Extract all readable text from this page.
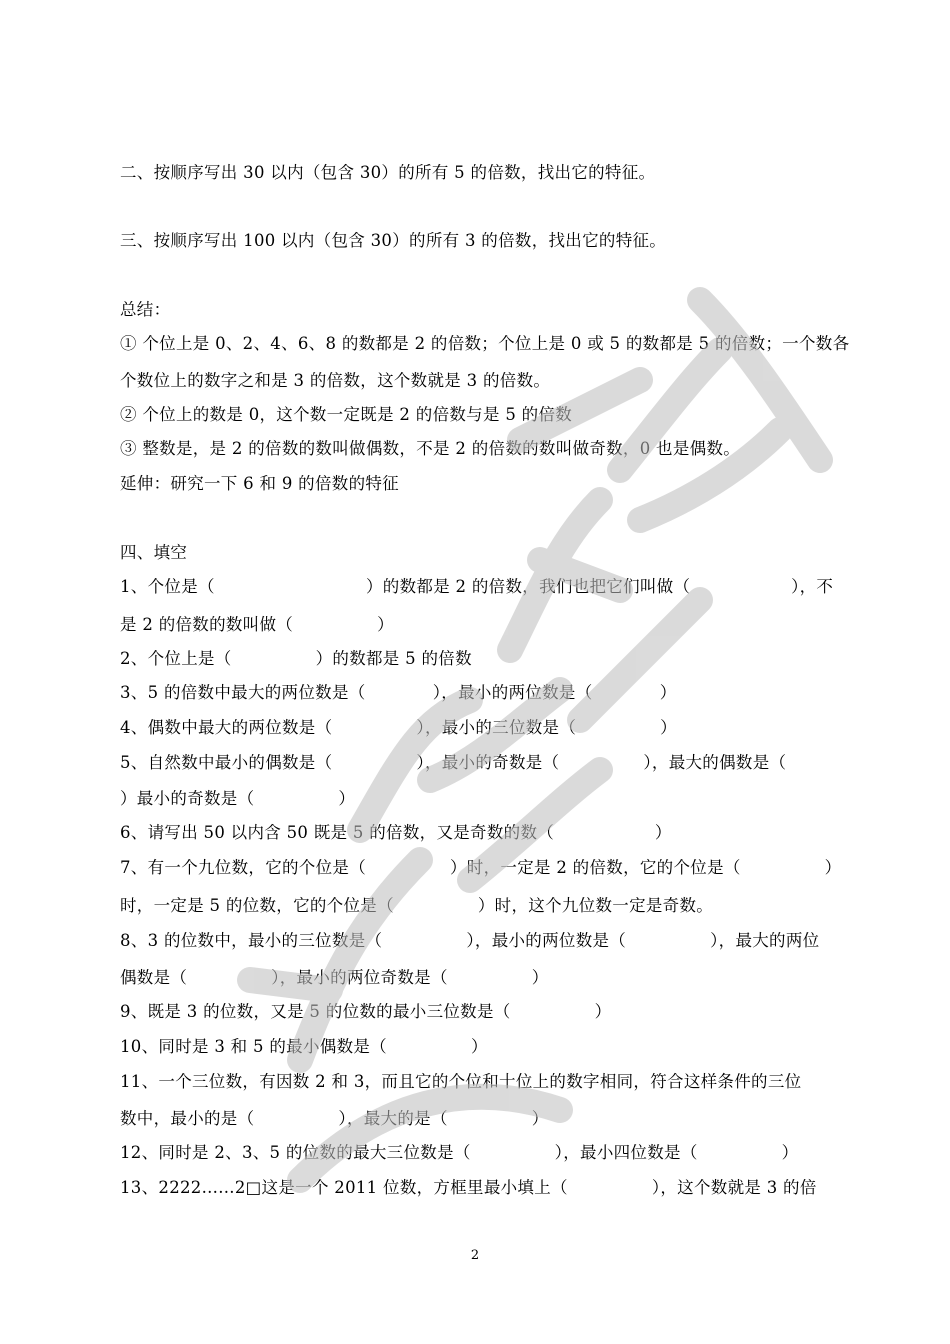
二、按顺序写出 30 以内（包含 30）的所有 5 的倍数，找出它的特征。
三、按顺序写出 100 以内（包含 30）的所有 3 的倍数，找出它的特征。
总结：
① 个位上是 0、2、4、6、8 的数都是 2 的倍数；个位上是 0 或 5 的数都是 5 的倍数；一个数各
个数位上的数字之和是 3 的倍数，这个数就是 3 的倍数。
② 个位上的数是 0，这个数一定既是 2 的倍数与是 5 的倍数
③ 整数是，是 2 的倍数的数叫做偶数，不是 2 的倍数的数叫做奇数，0 也是偶数。
延伸：研究一下 6 和 9 的倍数的特征
四、填空
1、个位是（　　　　　　　　　）的数都是 2 的倍数，我们也把它们叫做（　　　　　　），不
是 2 的倍数的数叫做（　　　　　）
2、个位上是（　　　　　）的数都是 5 的倍数
3、5 的倍数中最大的两位数是（　　　　），最小的两位数是（　　　　）
4、偶数中最大的两位数是（　　　　　），最小的三位数是（　　　　　）
5、自然数中最小的偶数是（　　　　　），最小的奇数是（　　　　　），最大的偶数是（
）最小的奇数是（　　　　　）
6、请写出 50 以内含 50 既是 5 的倍数，又是奇数的数（　　　　　　）
7、有一个九位数，它的个位是（　　　　　）时，一定是 2 的倍数，它的个位是（　　　　　）
时，一定是 5 的位数，它的个位是（　　　　　）时，这个九位数一定是奇数。
8、3 的位数中，最小的三位数是（　　　　　），最小的两位数是（　　　　　），最大的两位
偶数是（　　　　　），最小的两位奇数是（　　　　　）
9、既是 3 的位数，又是 5 的位数的最小三位数是（　　　　　）
10、同时是 3 和 5 的最小偶数是（　　　　　）
11、一个三位数，有因数 2 和 3，而且它的个位和十位上的数字相同，符合这样条件的三位
数中，最小的是（　　　　　），最大的是（　　　　　）
12、同时是 2、3、5 的位数的最大三位数是（　　　　　），最小四位数是（　　　　　）
13、2222......2□这是一个 2011 位数，方框里最小填上（　　　　　），这个数就是 3 的倍
2
